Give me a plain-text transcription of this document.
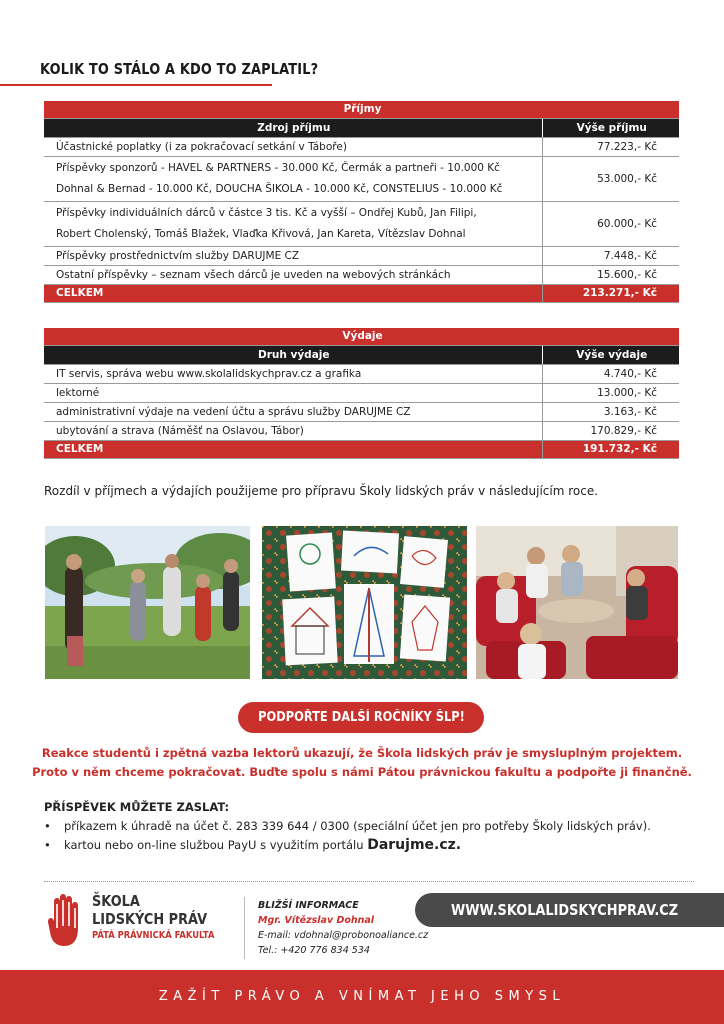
KOLIK TO STÁLO A KDO TO ZAPLATIL?
Příjmy	
Zdroj příjmu	Výše příjmu
Účastnické poplatky (i za pokračovací setkání v Táboře)	77.223,- Kč

Příspěvky sponzorů - HAVEL & PARTNERS - 30.000 Kč, Čermák a partneři - 10.000 Kč
Dohnal & Bernad - 10.000 Kč, DOUCHA ŠIKOLA - 10.000 Kč, CONSTELIUS - 10.000 Kč	53.000,- Kč

Příspěvky individuálních dárců v částce 3 tis. Kč a vyšší – Ondřej Kubů, Jan Filipi,
Robert Cholenský, Tomáš Blažek, Vlaďka Křivová, Jan Kareta, Vítězslav Dohnal	60.000,- Kč
Příspěvky prostřednictvím služby DARUJME CZ	7.448,- Kč
Ostatní příspěvky – seznam všech dárců je uveden na webových stránkách	15.600,- Kč
CELKEM	213.271,- Kč
Výdaje	
Druh výdaje	Výše výdaje
IT servis, správa webu www.skolalidskychprav.cz a grafika	4.740,- Kč
lektorné	13.000,- Kč
administrativní výdaje na vedení účtu a správu služby DARUJME CZ	3.163,- Kč
ubytování a strava (Náměšť na Oslavou, Tábor)	170.829,- Kč
CELKEM	191.732,- Kč
Rozdíl v příjmech a výdajích použijeme pro přípravu Školy lidských práv v následujícím roce.
PODPOŘTE DALŠÍ ROČNÍKY ŠLP!
Reakce studentů i zpětná vazba lektorů ukazují, že Škola lidských práv je smysluplným projektem.
Proto v něm chceme pokračovat. Buďte spolu s námi Pátou právnickou fakultu a podpořte ji finančně.
PŘÍSPĚVEK MŮŽETE ZASLAT:
• příkazem k úhradě na účet č. 283 339 644 / 0300 (speciální účet jen pro potřeby Školy lidských práv).
• kartou nebo on-line službou PayU s využitím portálu Darujme.cz.
ŠKOLA
LIDSKÝCH PRÁV
PÁTÁ PRÁVNICKÁ FAKULTA
BLIŽŠÍ INFORMACE
Mgr. Vítězslav Dohnal
E-mail: vdohnal@probonoaliance.cz
Tel.: +420 776 834 534
WWW.SKOLALIDSKYCHPRAV.CZ
ZAŽÍT PRÁVO A VNÍMAT JEHO SMYSL
